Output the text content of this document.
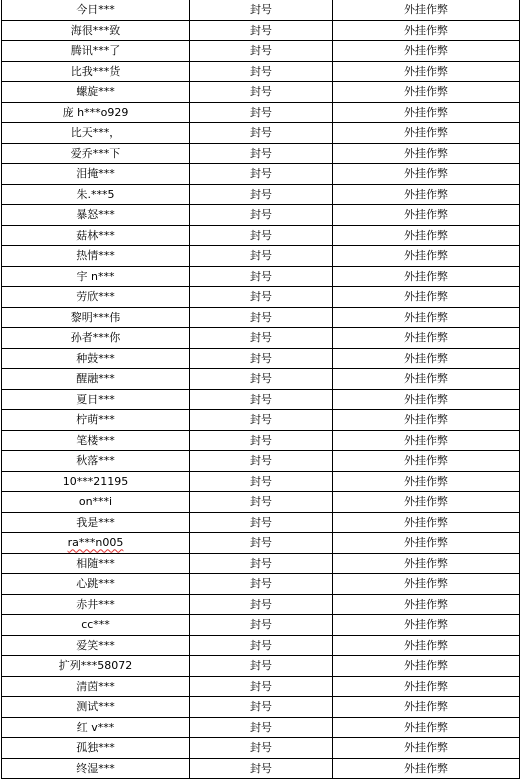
今日***	封号	外挂作弊
海很***致	封号	外挂作弊
腾讯***了	封号	外挂作弊
比我***货	封号	外挂作弊
螺旋***	封号	外挂作弊
庞 h***o929	封号	外挂作弊
比天***，	封号	外挂作弊
爱乔***下	封号	外挂作弊
泪掩***	封号	外挂作弊
朱.***5	封号	外挂作弊
暴怒***	封号	外挂作弊
菇林***	封号	外挂作弊
热情***	封号	外挂作弊
宇 n***	封号	外挂作弊
劳欣***	封号	外挂作弊
黎明***伟	封号	外挂作弊
孙者***你	封号	外挂作弊
种鼓***	封号	外挂作弊
醒融***	封号	外挂作弊
夏日***	封号	外挂作弊
柠萌***	封号	外挂作弊
笔楼***	封号	外挂作弊
秋落***	封号	外挂作弊
10***21195	封号	外挂作弊
on***i	封号	外挂作弊
我是***	封号	外挂作弊
ra***n005	封号	外挂作弊
相随***	封号	外挂作弊
心跳***	封号	外挂作弊
赤井***	封号	外挂作弊
cc***	封号	外挂作弊
爱笑***	封号	外挂作弊
扩列***58072	封号	外挂作弊
清茵***	封号	外挂作弊
测试***	封号	外挂作弊
红 v***	封号	外挂作弊
孤独***	封号	外挂作弊
终湿***	封号	外挂作弊
